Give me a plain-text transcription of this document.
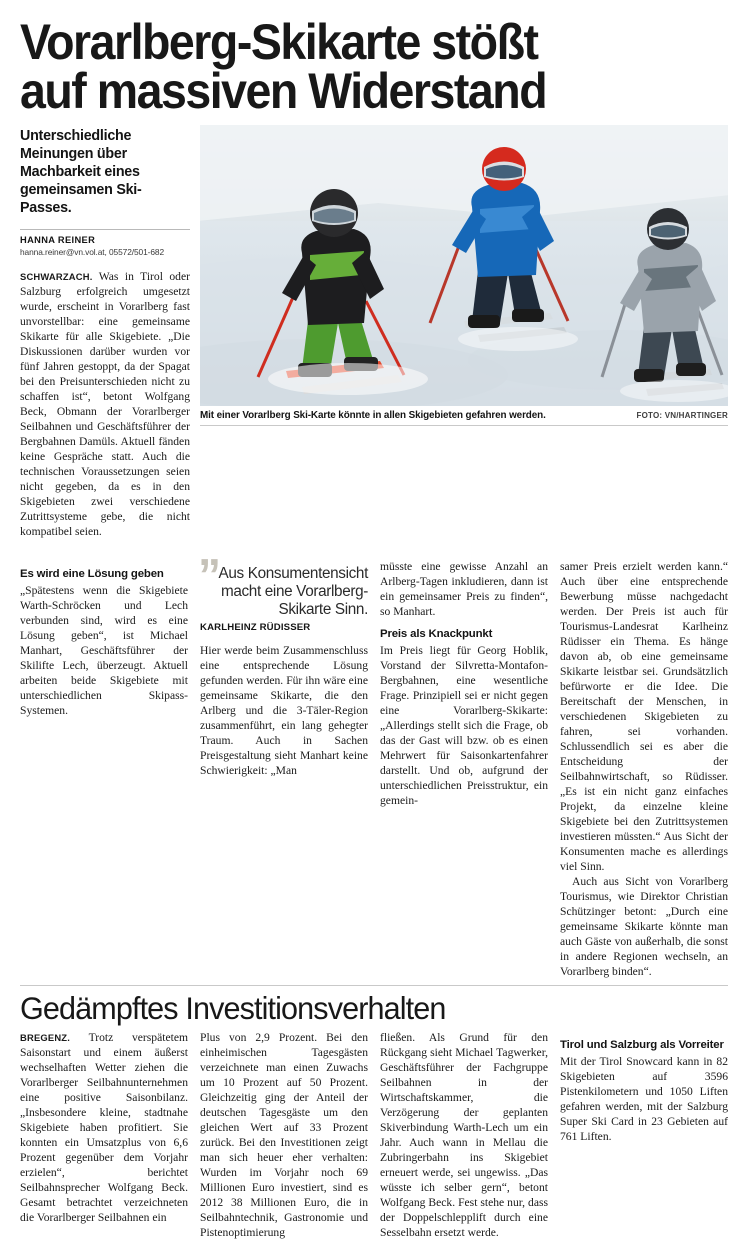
Vorarlberg-Skikarte stößt
auf massiven Widerstand
Unterschiedliche Meinungen über Machbarkeit eines gemeinsamen Ski-Passes.
HANNA REINER
hanna.reiner@vn.vol.at, 05572/501-682

SCHWARZACH. Was in Tirol oder Salzburg erfolgreich umgesetzt wurde, erscheint in Vorarlberg fast unvorstellbar: eine gemeinsame Skikarte für alle Skigebiete. „Die Diskussionen darüber wurden vor fünf Jahren gestoppt, da der Spagat bei den Preisunterschieden nicht zu schaffen ist“, betont Wolfgang Beck, Obmann der Vorarlberger Seilbahnen und Geschäftsführer der Bergbahnen Damüls. Aktuell fänden keine Gespräche statt. Auch die technischen Voraussetzungen seien nicht gegeben, da es in den Skigebieten zwei verschiedene Zutrittsysteme gebe, die nicht kompatibel seien.

Mit einer Vorarlberg Ski-Karte könnte in allen Skigebieten gefahren werden.	FOTO: VN/HARTINGER
Es wird eine Lösung geben

„Spätestens wenn die Skigebiete Warth-Schröcken und Lech verbunden sind, wird es eine Lösung geben“, ist Michael Manhart, Geschäftsführer der Skilifte Lech, überzeugt. Aktuell arbeiten beide Skigebiete mit unterschiedlichen Skipass-Systemen.

” Aus Konsumentensicht macht eine Vorarlberg-Skikarte Sinn.
KARLHEINZ RÜDISSER

Hier werde beim Zusammenschluss eine entsprechende Lösung gefunden werden. Für ihn wäre eine gemeinsame Skikarte, die den Arlberg und die 3-Täler-Region zusammenführt, ein lang gehegter Traum. Auch in Sachen Preisgestaltung sieht Manhart keine Schwierigkeit: „Man

müsste eine gewisse Anzahl an Arlberg-Tagen inkludieren, dann ist ein gemeinsamer Preis zu finden“, so Manhart.

Preis als Knackpunkt

Im Preis liegt für Georg Hoblik, Vorstand der Silvretta-Montafon-Bergbahnen, eine wesentliche Frage. Prinzipiell sei er nicht gegen eine Vorarlberg-Skikarte: „Allerdings stellt sich die Frage, ob das der Gast will bzw. ob es einen Mehrwert für Saisonkartenfahrer darstellt. Und ob, aufgrund der unterschiedlichen Preisstruktur, ein gemein-

samer Preis erzielt werden kann.“ Auch über eine entsprechende Bewerbung müsse nachgedacht werden. Der Preis ist auch für Tourismus-Landesrat Karlheinz Rüdisser ein Thema. Es hänge davon ab, ob eine gemeinsame Skikarte leistbar sei. Grundsätzlich befürworte er die Idee. Die Bereitschaft der Menschen, in verschiedenen Skigebieten zu fahren, sei vorhanden. Schlussendlich sei es aber die Entscheidung der Seilbahnwirtschaft, so Rüdisser. „Es ist ein nicht ganz einfaches Projekt, da einzelne kleine Skigebiete bei den Zutrittsystemen investieren müssten.“ Aus Sicht der Konsumenten mache es allerdings viel Sinn.

Auch aus Sicht von Vorarlberg Tourismus, wie Direktor Christian Schützinger betont: „Durch eine gemeinsame Skikarte könnte man auch Gäste von außerhalb, die sonst in andere Regionen wechseln, an Vorarlberg binden“.

Gedämpftes Investitionsverhalten

BREGENZ. Trotz verspätetem Saisonstart und einem äußerst wechselhaften Wetter ziehen die Vorarlberger Seilbahnunternehmen eine positive Saisonbilanz. „Insbesondere kleine, stadtnahe Skigebiete haben profitiert. Sie konnten ein Umsatzplus von 6,6 Prozent gegenüber dem Vorjahr erzielen“, berichtet Seilbahnsprecher Wolfgang Beck. Gesamt betrachtet verzeichneten die Vorarlberger Seilbahnen ein

Plus von 2,9 Prozent. Bei den einheimischen Tagesgästen verzeichnete man einen Zuwachs um 10 Prozent auf 50 Prozent. Gleichzeitig ging der Anteil der deutschen Tagesgäste um den gleichen Wert auf 33 Prozent zurück. Bei den Investitionen zeigt man sich heuer eher verhalten: Wurden im Vorjahr noch 69 Millionen Euro investiert, sind es 2012 38 Millionen Euro, die in Seilbahntechnik, Gastronomie und Pistenoptimierung

fließen. Als Grund für den Rückgang sieht Michael Tagwerker, Geschäftsführer der Fachgruppe Seilbahnen in der Wirtschaftskammer, die Verzögerung der geplanten Skiverbindung Warth-Lech um ein Jahr. Auch wann in Mellau die Zubringerbahn ins Skigebiet erneuert werde, sei ungewiss. „Das wüsste ich selber gern“, betont Wolfgang Beck. Fest stehe nur, dass der Doppelschlepplift durch eine Sesselbahn ersetzt werde.

Tirol und Salzburg als Vorreiter

Mit der Tirol Snowcard kann in 82 Skigebieten auf 3596 Pistenkilometern und 1050 Liften gefahren werden, mit der Salzburg Super Ski Card in 23 Gebieten auf 761 Liften.
